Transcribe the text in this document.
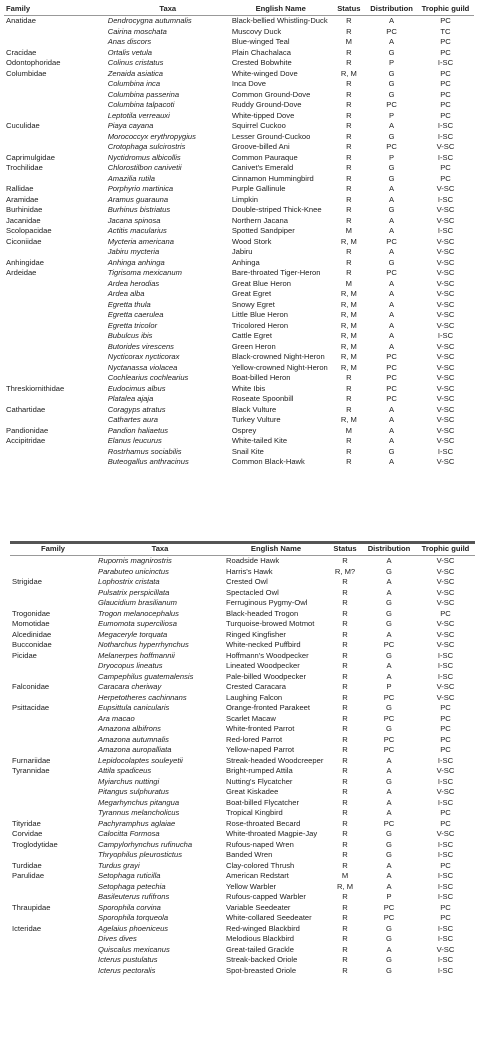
Family	Taxa	English Name	Status	Distribution	Trophic guild
Anatidae	Dendrocygna autumnalis	Black-bellied Whistling-Duck	R	A	PC
	Cairina moschata	Muscovy Duck	R	PC	TC
	Anas discors	Blue-winged Teal	M	A	PC
Cracidae	Ortalis vetula	Plain Chachalaca	R	G	PC
Odontophoridae	Colinus cristatus	Crested Bobwhite	R	P	I-SC
Columbidae	Zenaida asiatica	White-winged Dove	R, M	G	PC
	Columbina inca	Inca Dove	R	G	PC
	Columbina passerina	Common Ground-Dove	R	G	PC
	Columbina talpacoti	Ruddy Ground-Dove	R	PC	PC
	Leptotila verreauxi	White-tipped Dove	R	P	PC
Cuculidae	Piaya cayana	Squirrel Cuckoo	R	A	I-SC
	Morococcyx erythropygius	Lesser Ground-Cuckoo	R	G	I-SC
	Crotophaga sulcirostris	Groove-billed Ani	R	PC	V-SC
Caprimulgidae	Nyctidromus albicollis	Common Pauraque	R	P	I-SC
Trochilidae	Chlorostilbon canivetii	Canivet's Emerald	R	G	PC
	Amazilia rutila	Cinnamon Hummingbird	R	G	PC
Rallidae	Porphyrio martinica	Purple Gallinule	R	A	V-SC
Aramidae	Aramus guarauna	Limpkin	R	A	I-SC
Burhinidae	Burhinus bistriatus	Double-striped Thick-Knee	R	G	V-SC
Jacanidae	Jacana spinosa	Northern Jacana	R	A	V-SC
Scolopacidae	Actitis macularius	Spotted Sandpiper	M	A	I-SC
Ciconiidae	Mycteria americana	Wood Stork	R, M	PC	V-SC
	Jabiru mycteria	Jabiru	R	A	V-SC
Anhingidae	Anhinga anhinga	Anhinga	R	G	V-SC
Ardeidae	Tigrisoma mexicanum	Bare-throated Tiger-Heron	R	PC	V-SC
	Ardea herodias	Great Blue Heron	M	A	V-SC
	Ardea alba	Great Egret	R, M	A	V-SC
	Egretta thula	Snowy Egret	R, M	A	V-SC
	Egretta caerulea	Little Blue Heron	R, M	A	V-SC
	Egretta tricolor	Tricolored Heron	R, M	A	V-SC
	Bubulcus ibis	Cattle Egret	R, M	A	I-SC
	Butorides virescens	Green Heron	R, M	A	V-SC
	Nycticorax nycticorax	Black-crowned Night-Heron	R, M	PC	V-SC
	Nyctanassa violacea	Yellow-crowned Night-Heron	R, M	PC	V-SC
	Cochlearius cochlearius	Boat-billed Heron	R	PC	V-SC
Threskiornithidae	Eudocimus albus	White Ibis	R	PC	V-SC
	Platalea ajaja	Roseate Spoonbill	R	PC	V-SC
Cathartidae	Coragyps atratus	Black Vulture	R	A	V-SC
	Cathartes aura	Turkey Vulture	R, M	A	V-SC
Pandionidae	Pandion haliaetus	Osprey	M	A	V-SC
Accipitridae	Elanus leucurus	White-tailed Kite	R	A	V-SC
	Rostrhamus sociabilis	Snail Kite	R	G	I-SC
	Buteogallus anthracinus	Common Black-Hawk	R	A	V-SC
Family	Taxa	English Name	Status	Distribution	Trophic guild
	Rupornis magnirostris	Roadside Hawk	R	A	V-SC
	Parabuteo unicinctus	Harris's Hawk	R, M?	G	V-SC
Strigidae	Lophostrix cristata	Crested Owl	R	A	V-SC
	Pulsatrix perspicillata	Spectacled Owl	R	A	V-SC
	Glaucidium brasilianum	Ferruginous Pygmy-Owl	R	G	V-SC
Trogonidae	Trogon melanocephalus	Black-headed Trogon	R	G	PC
Momotidae	Eumomota superciliosa	Turquoise-browed Motmot	R	G	V-SC
Alcedinidae	Megaceryle torquata	Ringed Kingfisher	R	A	V-SC
Bucconidae	Notharchus hyperrhynchus	White-necked Puffbird	R	PC	V-SC
Picidae	Melanerpes hoffmannii	Hoffmann's Woodpecker	R	G	I-SC
	Dryocopus lineatus	Lineated Woodpecker	R	A	I-SC
	Campephilus guatemalensis	Pale-billed Woodpecker	R	A	I-SC
Falconidae	Caracara cheriway	Crested Caracara	R	P	V-SC
	Herpetotheres cachinnans	Laughing Falcon	R	PC	V-SC
Psittacidae	Eupsittula canicularis	Orange-fronted Parakeet	R	G	PC
	Ara macao	Scarlet Macaw	R	PC	PC
	Amazona albifrons	White-fronted Parrot	R	G	PC
	Amazona autumnalis	Red-lored Parrot	R	PC	PC
	Amazona auropalliata	Yellow-naped Parrot	R	PC	PC
Furnariidae	Lepidocolaptes souleyetii	Streak-headed Woodcreeper	R	A	I-SC
Tyrannidae	Attila spadiceus	Bright-rumped Attila	R	A	V-SC
	Myiarchus nuttingi	Nutting's Flycatcher	R	G	I-SC
	Pitangus sulphuratus	Great Kiskadee	R	A	V-SC
	Megarhynchus pitangua	Boat-billed Flycatcher	R	A	I-SC
	Tyrannus melancholicus	Tropical Kingbird	R	A	PC
Tityridae	Pachyramphus aglaiae	Rose-throated Becard	R	PC	PC
Corvidae	Calocitta Formosa	White-throated Magpie-Jay	R	G	V-SC
Troglodytidae	Campylorhynchus rufinucha	Rufous-naped Wren	R	G	I-SC
	Thryophilus pleurostictus	Banded Wren	R	G	I-SC
Turdidae	Turdus grayi	Clay-colored Thrush	R	A	PC
Parulidae	Setophaga ruticilla	American Redstart	M	A	I-SC
	Setophaga petechia	Yellow Warbler	R, M	A	I-SC
	Basileuterus rufifrons	Rufous-capped Warbler	R	P	I-SC
Thraupidae	Sporophila corvina	Variable Seedeater	R	PC	PC
	Sporophila torqueola	White-collared Seedeater	R	PC	PC
Icteridae	Agelaius phoeniceus	Red-winged Blackbird	R	G	I-SC
	Dives dives	Melodious Blackbird	R	G	I-SC
	Quiscalus mexicanus	Great-tailed Grackle	R	A	V-SC
	Icterus pustulatus	Streak-backed Oriole	R	G	I-SC
	Icterus pectoralis	Spot-breasted Oriole	R	G	I-SC
